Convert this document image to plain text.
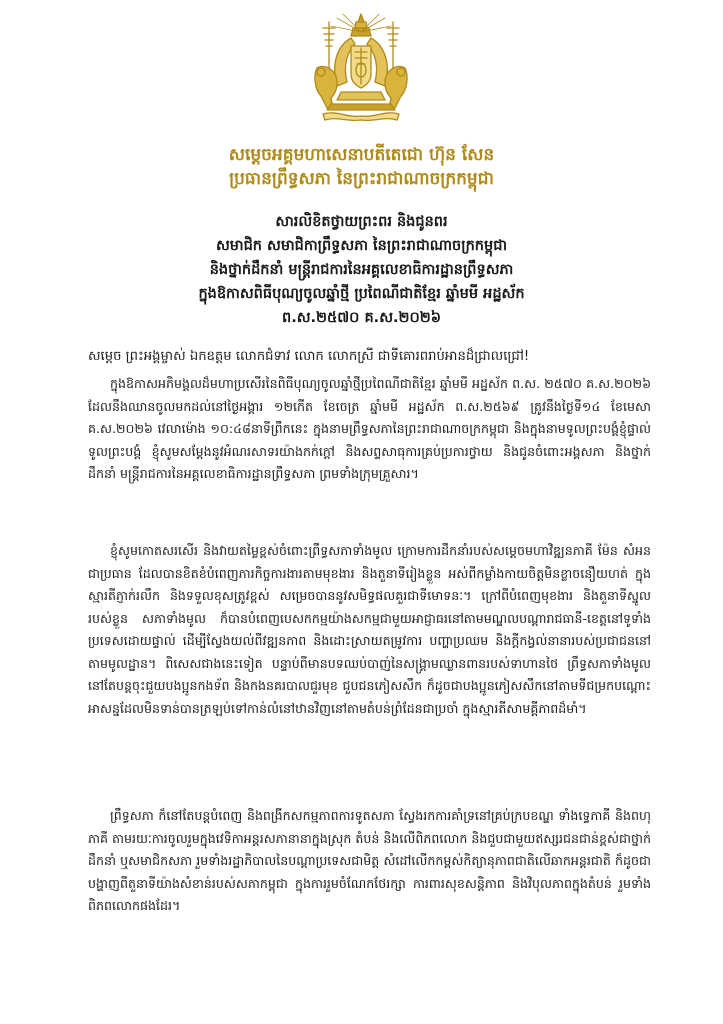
សម្តេចអគ្គមហាសេនាបតីតេជោ ហ៊ុន សែន
ប្រធានព្រឹទ្ធសភា នៃព្រះរាជាណាចក្រកម្ពុជា
សារលិខិតថ្វាយព្រះពរ និងជូនពរ
សមាជិក សមាជិកាព្រឹទ្ធសភា នៃព្រះរាជាណាចក្រកម្ពុជា
និងថ្នាក់ដឹកនាំ មន្ត្រីរាជការនៃអគ្គលេខាធិការដ្ឋានព្រឹទ្ធសភា
ក្នុងឱកាសពិធីបុណ្យចូលឆ្នាំថ្មី ប្រពៃណីជាតិខ្មែរ ឆ្នាំមមី អដ្ឋស័ក
ព.ស.២៥៧០ គ.ស.២០២៦
សម្តេច ព្រះអង្គម្ចាស់ ឯកឧត្តម លោកជំទាវ លោក លោកស្រី ជាទីគោរពរាប់អានដ៏ជ្រាលជ្រៅ!
ក្នុងឱកាសអភិមង្គលដ៏មហាប្រសើរនៃពិធីបុណ្យចូលឆ្នាំថ្មីប្រពៃណីជាតិខ្មែរ ឆ្នាំមមី អដ្ឋស័ក ព.ស. ២៥៧០ គ.ស.២០២៦ ដែលនឹងឈានចូលមកដល់នៅថ្ងៃអង្គារ ១២កើត ខែចេត្រ ឆ្នាំមមី អដ្ឋស័ក ព.ស.២៥៦៩ ត្រូវនឹងថ្ងៃទី១៤ ខែមេសា គ.ស.២០២៦ វេលាម៉ោង ១០:៤៨នាទីព្រឹកនេះ ក្នុងនាមព្រឹទ្ធសភានៃព្រះរាជាណាចក្រកម្ពុជា និងក្នុងនាមទូលព្រះបង្គំខ្ញុំផ្ទាល់ ទូលព្រះបង្គំ ខ្ញុំសូមសម្តែងនូវអំណរសាទរយ៉ាងកក់ក្តៅ និងសព្ទសាធុការគ្រប់ប្រការថ្វាយ និងជូនចំពោះអង្គសភា និងថ្នាក់ដឹកនាំ មន្ត្រីរាជការនៃអគ្គលេខាធិការដ្ឋានព្រឹទ្ធសភា ព្រមទាំងក្រុមគ្រួសារ។
ខ្ញុំសូមកោតសរសើរ និងវាយតម្លៃខ្ពស់ចំពោះព្រឹទ្ធសភាទាំងមូល ក្រោមការដឹកនាំរបស់សម្តេចមហាវិឌ្ឍនភាគី ម៉ែន សំអន ជាប្រធាន ដែលបានខិតខំបំពេញភារកិច្ចការងារតាមមុខងារ និងតួនាទីរៀងខ្លួន អស់ពីកម្លាំងកាយចិត្តមិនខ្លាចនឿយហត់ ក្នុងស្មារតីភ្ញាក់រលឹក និងទទួលខុសត្រូវខ្ពស់ សម្រេចបាននូវសមិទ្ធផលគួរជាទីមោទនៈ។ ក្រៅពីបំពេញមុខងារ និងតួនាទីស្នូលរបស់ខ្លួន សភាទាំងមូល ក៏បានបំពេញបេសកកម្មយ៉ាងសកម្មជាមួយអាជ្ញាធរនៅតាមមណ្ឌលបណ្តារាជធានី-ខេត្តនៅទូទាំងប្រទេសដោយផ្ទាល់ ដើម្បីស្វែងយល់ពីវឌ្ឍនភាព និងដោះស្រាយតម្រូវការ បញ្ហាប្រឈម និងក្តីកង្វល់នានារបស់ប្រជាជននៅតាមមូលដ្ឋាន។ ពិសេសជាងនេះទៀត បន្ទាប់ពីមានបទឈប់បាញ់នៃសង្គ្រាមឈ្លានពានរបស់ទាហានថៃ ព្រឹទ្ធសភាទាំងមូល នៅតែបន្តចុះជួយបងប្អូនកងទ័ព និងកងនគរបាលជួរមុខ ជួបជនភៀសសឹក ក៏ដូចជាបងប្អូនភៀសសឹកនៅតាមទីជម្រកបណ្តោះអាសន្នដែលមិនទាន់បានត្រឡប់ទៅកាន់លំនៅឋានវិញនៅតាមតំបន់ព្រំដែនជាប្រចាំ ក្នុងស្មារតីសាមគ្គីភាពដ៏មាំ។
ព្រឹទ្ធសភា ក៏នៅតែបន្តបំពេញ និងពង្រីកសកម្មភាពការទូតសភា ស្វែងរកការគាំទ្រនៅគ្រប់ក្របខណ្ឌ ទាំងទ្វេភាគី និងពហុភាគី តាមរយៈការចូលរួមក្នុងវេទិកាអន្តរសភានានាក្នុងស្រុក តំបន់ និងលើពិភពលោក និងជួបជាមួយឥស្សរជនជាន់ខ្ពស់ជាថ្នាក់ដឹកនាំ ឬសមាជិកសភា រួមទាំងរដ្ឋាភិបាលនៃបណ្តាប្រទេសជាមិត្ត សំដៅលើកកម្ពស់កិត្យានុភាពជាតិលើឆាកអន្តរជាតិ ក៏ដូចជាបង្ហាញពីតួនាទីយ៉ាងសំខាន់របស់សភាកម្ពុជា ក្នុងការរួមចំណែកថែរក្សា ការពារសុខសន្តិភាព និងវិបុលភាពក្នុងតំបន់ រួមទាំងពិភពលោកផងដែរ។
